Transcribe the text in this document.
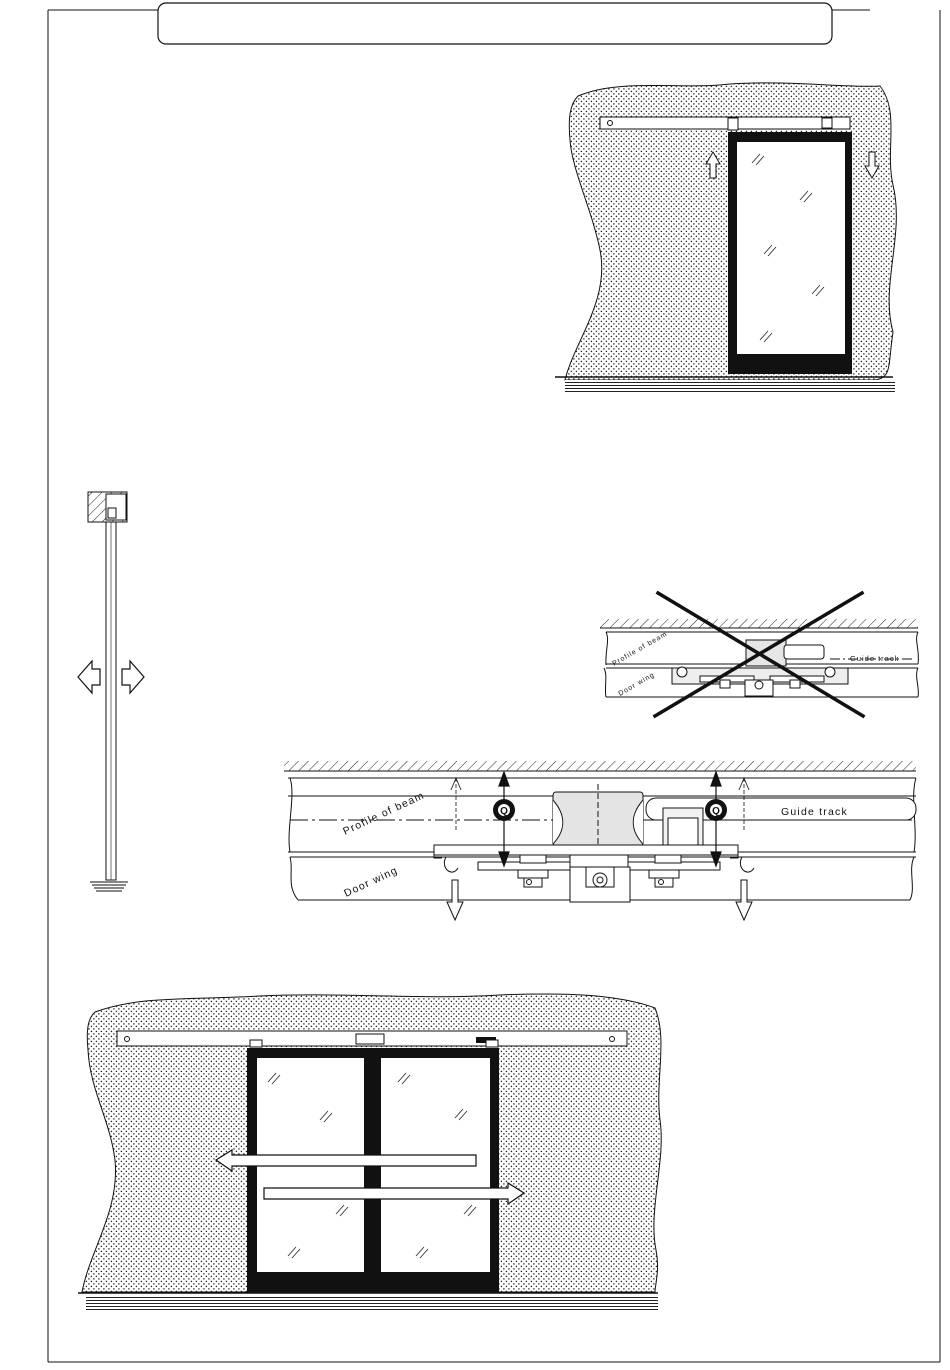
Guide track
Profile of beam
Door wing
Q	Q
Profile of beam	Guide track
Door wing
